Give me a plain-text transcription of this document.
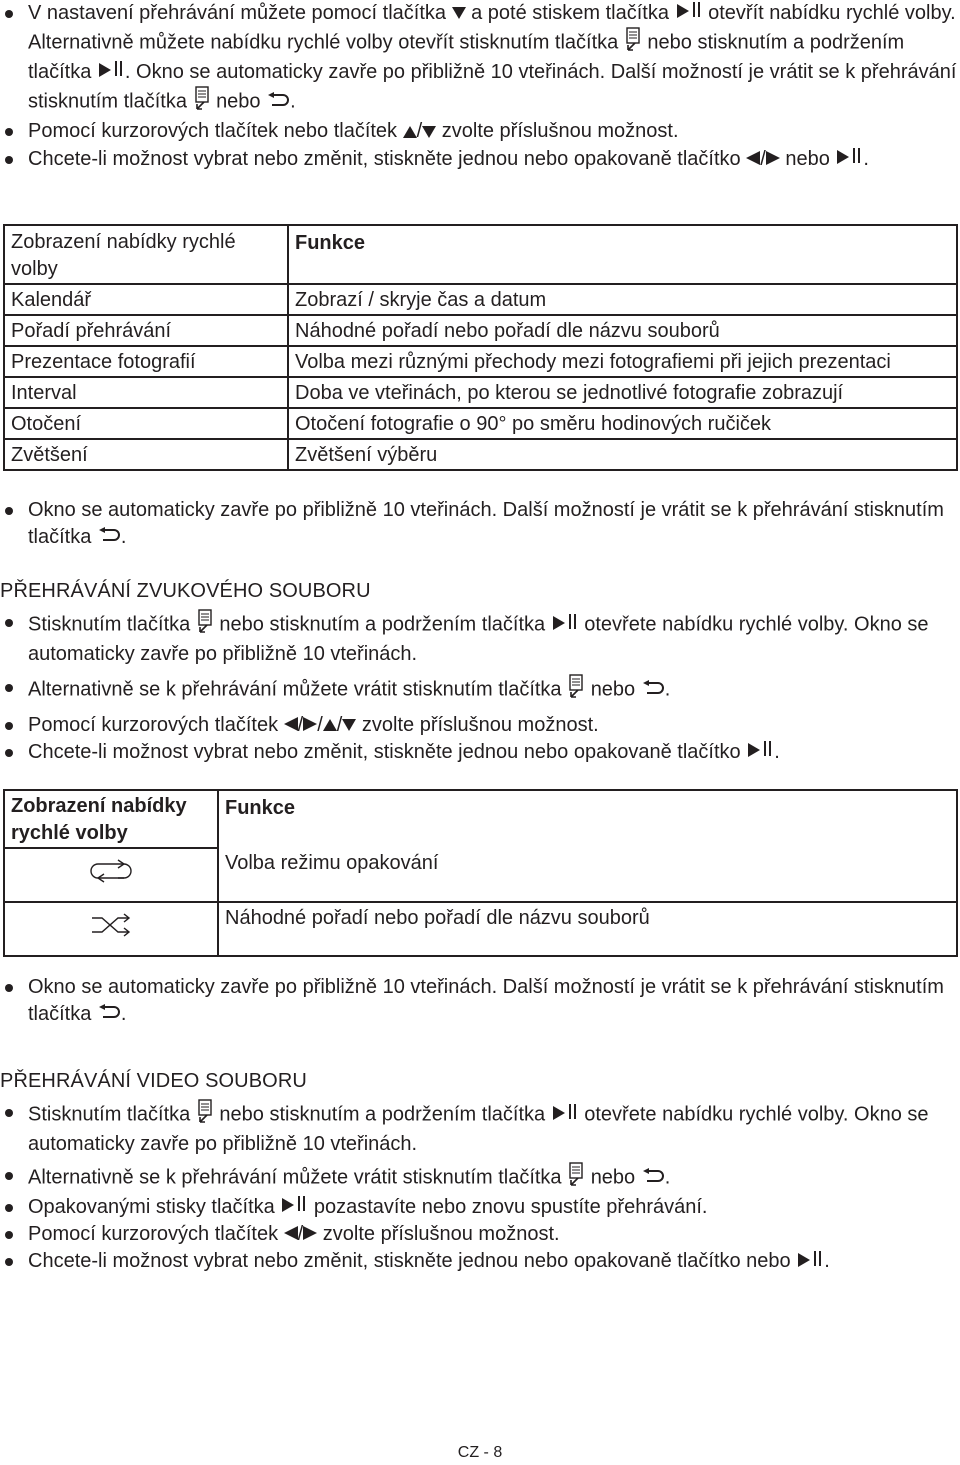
V nastavení přehrávání můžete pomocí tlačítka a poté stiskem tlačítka otevřít nabídku rychlé volby. Alternativně můžete nabídku rychlé volby otevřít stisknutím tlačítka nebo stisknutím a podržením tlačítka . Okno se automaticky zavře po přibližně 10 vteřinách. Další možností je vrátit se k přehrávání stisknutím tlačítka nebo .
Pomocí kurzorových tlačítek nebo tlačítek / zvolte příslušnou možnost.
Chcete-li možnost vybrat nebo změnit, stiskněte jednou nebo opakovaně tlačítko / nebo .
Zobrazení nabídky rychlé volby	Funkce
Kalendář	Zobrazí / skryje čas a datum
Pořadí přehrávání	Náhodné pořadí nebo pořadí dle názvu souborů
Prezentace fotografií	Volba mezi různými přechody mezi fotografiemi při jejich prezentaci
Interval	Doba ve vteřinách, po kterou se jednotlivé fotografie zobrazují
Otočení	Otočení fotografie o 90° po směru hodinových ručiček
Zvětšení	Zvětšení výběru
Okno se automaticky zavře po přibližně 10 vteřinách. Další možností je vrátit se k přehrávání stisknutím tlačítka .
PŘEHRÁVÁNÍ ZVUKOVÉHO SOUBORU
Stisknutím tlačítka nebo stisknutím a podržením tlačítka otevřete nabídku rychlé volby. Okno se automaticky zavře po přibližně 10 vteřinách.
Alternativně se k přehrávání můžete vrátit stisknutím tlačítka nebo .
Pomocí kurzorových tlačítek / / / zvolte příslušnou možnost.
Chcete-li možnost vybrat nebo změnit, stiskněte jednou nebo opakovaně tlačítko .
Zobrazení nabídky rychlé volby	Funkce
	Volba režimu opakování
	Náhodné pořadí nebo pořadí dle názvu souborů
Okno se automaticky zavře po přibližně 10 vteřinách. Další možností je vrátit se k přehrávání stisknutím tlačítka .
PŘEHRÁVÁNÍ VIDEO SOUBORU
Stisknutím tlačítka nebo stisknutím a podržením tlačítka otevřete nabídku rychlé volby. Okno se automaticky zavře po přibližně 10 vteřinách.
Alternativně se k přehrávání můžete vrátit stisknutím tlačítka nebo .
Opakovanými stisky tlačítka pozastavíte nebo znovu spustíte přehrávání.
Pomocí kurzorových tlačítek / zvolte příslušnou možnost.
Chcete-li možnost vybrat nebo změnit, stiskněte jednou nebo opakovaně tlačítko nebo .
CZ - 8
